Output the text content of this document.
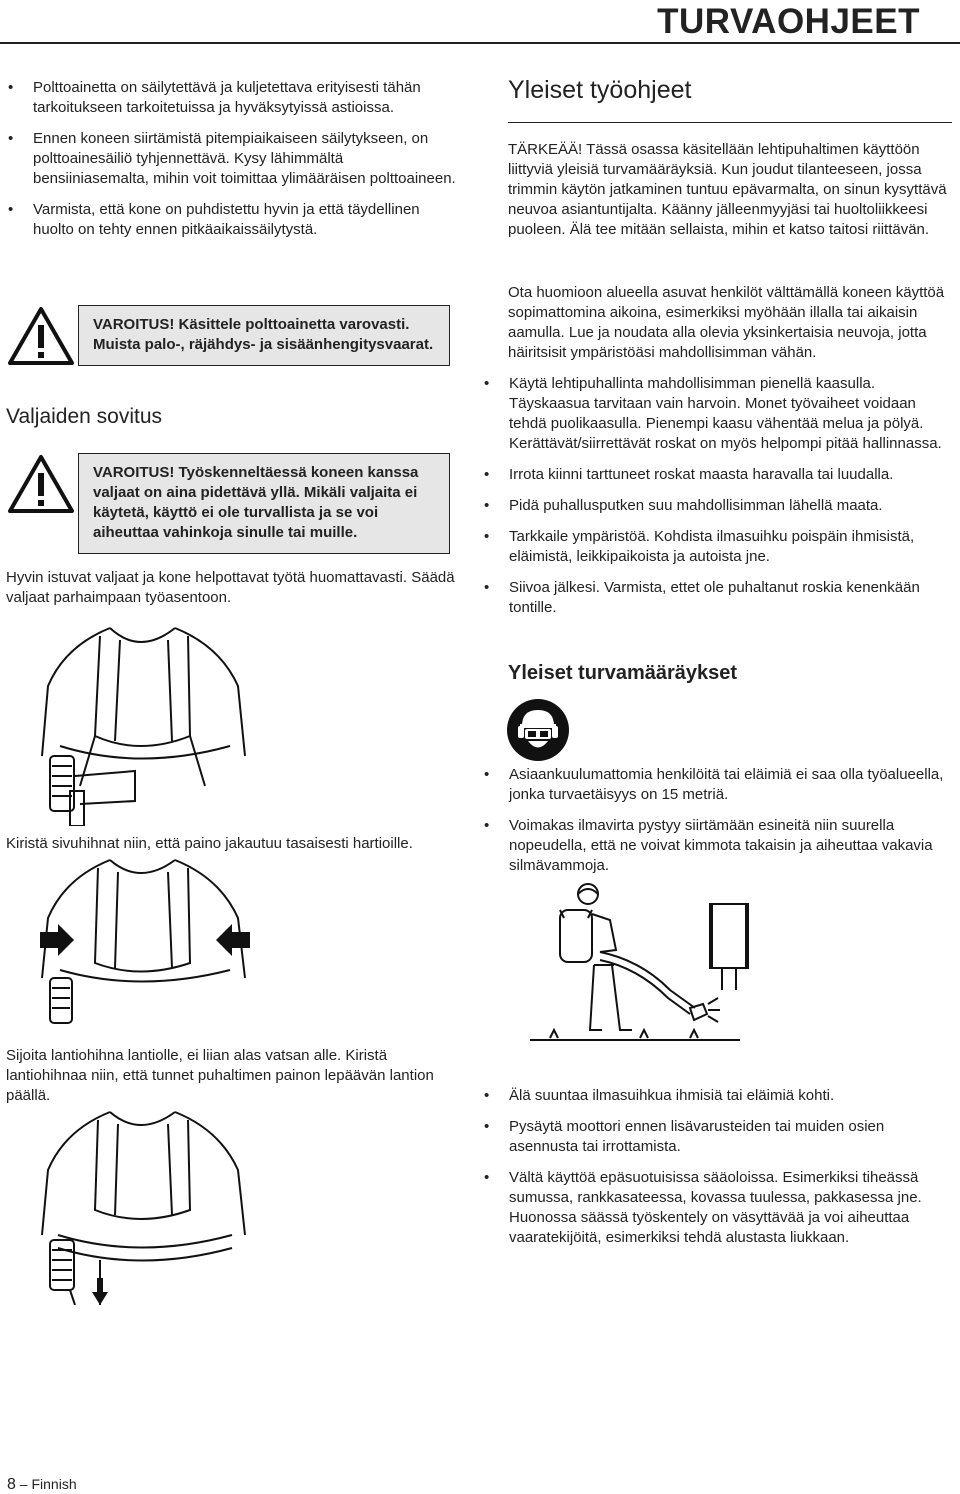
TURVAOHJEET
• Polttoainetta on säilytettävä ja kuljetettava erityisesti tähän tarkoitukseen tarkoitetuissa ja hyväksytyissä astioissa.
• Ennen koneen siirtämistä pitempiaikaiseen säilytykseen, on polttoainesäiliö tyhjennettävä. Kysy lähimmältä bensiiniasemalta, mihin voit toimittaa ylimääräisen polttoaineen.
• Varmista, että kone on puhdistettu hyvin ja että täydellinen huolto on tehty ennen pitkäaikaissäilytystä.
VAROITUS! Käsittele polttoainetta varovasti. Muista palo-, räjähdys- ja sisäänhengitysvaarat.
Valjaiden sovitus
VAROITUS! Työskenneltäessä koneen kanssa valjaat on aina pidettävä yllä. Mikäli valjaita ei käytetä, käyttö ei ole turvallista ja se voi aiheuttaa vahinkoja sinulle tai muille.

Hyvin istuvat valjaat ja kone helpottavat työtä huomattavasti. Säädä valjaat parhaimpaan työasentoon.

Kiristä sivuhihnat niin, että paino jakautuu tasaisesti hartioille.

Sijoita lantiohihna lantiolle, ei liian alas vatsan alle. Kiristä lantiohihnaa niin, että tunnet puhaltimen painon lepäävän lantion päällä.

8 – Finnish
Yleiset työohjeet

TÄRKEÄÄ! Tässä osassa käsitellään lehtipuhaltimen käyttöön liittyviä yleisiä turvamääräyksiä. Kun joudut tilanteeseen, jossa trimmin käytön jatkaminen tuntuu epävarmalta, on sinun kysyttävä neuvoa asiantuntijalta. Käänny jälleenmyyjäsi tai huoltoliikkeesi puoleen. Älä tee mitään sellaista, mihin et katso taitosi riittävän.

Ota huomioon alueella asuvat henkilöt välttämällä koneen käyttöä sopimattomina aikoina, esimerkiksi myöhään illalla tai aikaisin aamulla. Lue ja noudata alla olevia yksinkertaisia neuvoja, jotta häiritsisit ympäristöäsi mahdollisimman vähän.

• Käytä lehtipuhallinta mahdollisimman pienellä kaasulla. Täyskaasua tarvitaan vain harvoin. Monet työvaiheet voidaan tehdä puolikaasulla. Pienempi kaasu vähentää melua ja pölyä. Kerättävät/siirrettävät roskat on myös helpompi pitää hallinnassa.
• Irrota kiinni tarttuneet roskat maasta haravalla tai luudalla.
• Pidä puhallusputken suu mahdollisimman lähellä maata.
• Tarkkaile ympäristöä. Kohdista ilmasuihku poispäin ihmisistä, eläimistä, leikkipaikoista ja autoista jne.
• Siivoa jälkesi. Varmista, ettet ole puhaltanut roskia kenenkään tontille.
Yleiset turvamääräykset
• Asiaankuulumattomia henkilöitä tai eläimiä ei saa olla työalueella, jonka turvaetäisyys on 15 metriä.
• Voimakas ilmavirta pystyy siirtämään esineitä niin suurella nopeudella, että ne voivat kimmota takaisin ja aiheuttaa vakavia silmävammoja.
• Älä suuntaa ilmasuihkua ihmisiä tai eläimiä kohti.
• Pysäytä moottori ennen lisävarusteiden tai muiden osien asennusta tai irrottamista.
• Vältä käyttöä epäsuotuisissa sääoloissa. Esimerkiksi tiheässä sumussa, rankkasateessa, kovassa tuulessa, pakkasessa jne. Huonossa säässä työskentely on väsyttävää ja voi aiheuttaa vaaratekijöitä, esimerkiksi tehdä alustasta liukkaan.
